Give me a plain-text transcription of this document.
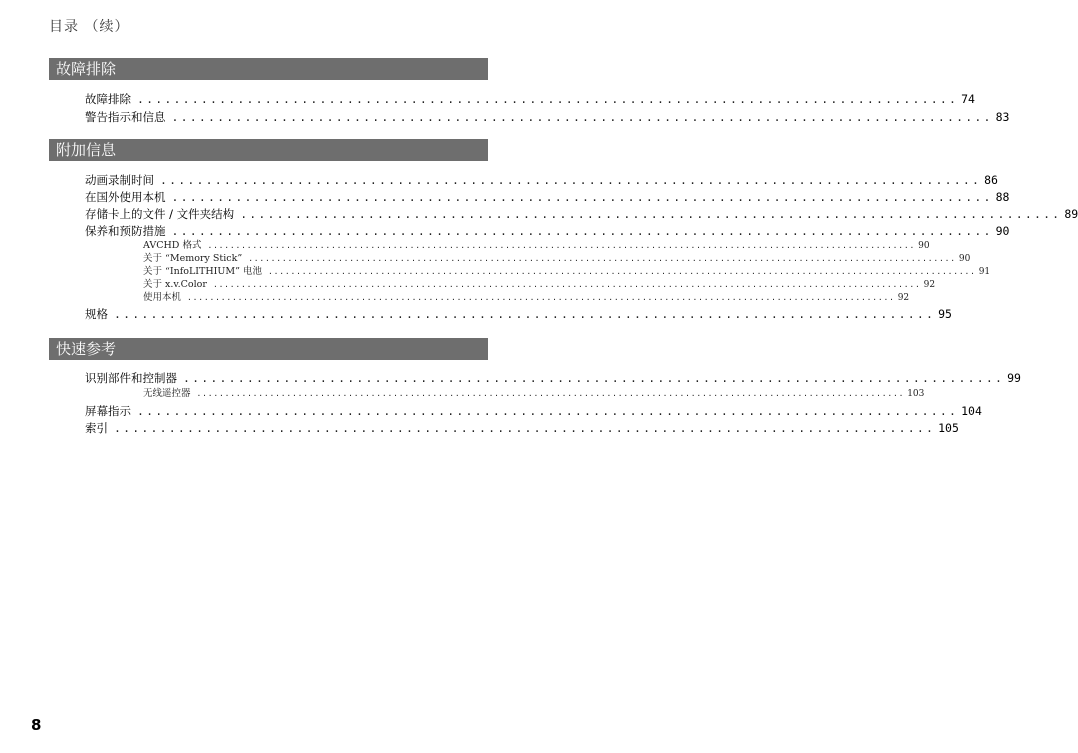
目录 （续）
故障排除
故障排除 .......................................................................................... 74
警告指示和信息 .......................................................................................... 83
附加信息
动画录制时间 .......................................................................................... 86
在国外使用本机 .......................................................................................... 88
存储卡上的文件 / 文件夹结构 .......................................................................................... 89
保养和预防措施 .......................................................................................... 90
AVCHD 格式 .............................................................................................................................. 90
关于 “Memory Stick” .............................................................................................................................. 90
关于 “InfoLITHIUM” 电池 .............................................................................................................................. 91
关于 x.v.Color .............................................................................................................................. 92
使用本机 .............................................................................................................................. 92
规格 .......................................................................................... 95
快速参考
识别部件和控制器 .......................................................................................... 99
无线遥控器 .............................................................................................................................. 103
屏幕指示 .......................................................................................... 104
索引 .......................................................................................... 105
8
